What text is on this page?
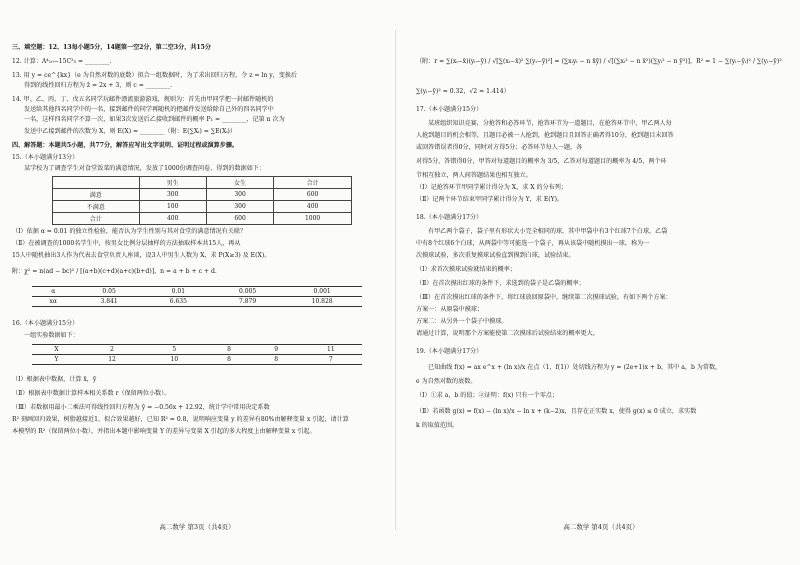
三、填空题：12、13每小题5分，14题第一空2分，第二空3分，共15分
12. 计算：A⁴₁₀−15C²₅ = ________.
13. 用 y = ce^{kx}（e 为自然对数的底数）拟合一组数据时，为了求出回归方程，令 z = ln y，变换后
得到的线性回归方程为 ẑ = 2x + 3，则 c = ________.
14. 甲、乙、丙、丁、戊五名同学玩邮件漂流旅游游戏，规则为：首先由甲同学把一封邮件随机的
发送给其他四名同学中的一名，接到邮件的同学再随机的把邮件发送给除自己外的四名同学中
一名，这样四名同学不算一次，如果3次发送后乙接收到邮件的概率 P₁ = ________，记第 n 次为
发送中乙接到邮件的次数为 X，则 E(X) = ________（附：E(∑Xᵢ) = ∑E(Xᵢ)）
四、解答题：本题共5小题，共77分，解答应写出文字说明、证明过程或演算步骤。
15.（本小题满分13分）
某学校为了调查学生对食堂饭菜的满意情况，发放了1000份调查问卷，得到的数据如下：
	男生	女生	合计
满意	300	300	600
不满意	100	300	400
合计	400	600	1000
（Ⅰ）依据 α = 0.01 的独立性检验，能否认为学生性别与其对食堂的满意情况有关联？
（Ⅱ）在被调查的1000名学生中，按男女比例分层抽样的方法抽取样本共15人，再从
15人中随机抽出3人作为代表去食堂负责人座谈，设3人中男生人数为 X，求 P(X≥3) 及 E(X)。
附：χ² = n(ad − bc)² / [(a+b)(c+d)(a+c)(b+d)]，n = a + b + c + d.
α	0.05	0.01	0.005	0.001
xα	3.841	6.635	7.879	10.828
16.（本小题满分15分）
一组实验数据如下：
X	2	5	8	9	11
Y	12	10	8	8	7
（Ⅰ）根据表中数据，计算 x̄，ȳ
（Ⅱ）根据表中数据计算样本相关系数 r（保留两位小数）。
（Ⅲ）若数据用最小二乘法可得线性回归方程为 ŷ = −0.56x + 12.92，统计学中常用决定系数
R² 刻画回归效果，树脂越接近1，拟合效果越好，已知 R² = 0.8，说明响应变量 y 的差异有80%由解释变量 x 引起，请计算
本模型的 R²（保留两位小数），并指出本题中影响变量 Y 的差异与变量 X 引起的多大程度上由解释变量 x 引起。
高二数学 第3页（共4页）
（附：r = ∑(xᵢ−x̄)(yᵢ−ȳ) / √[∑(xᵢ−x̄)² ∑(yᵢ−ȳ)²] = (∑xᵢyᵢ − n x̄ȳ) / √[(∑xᵢ² − n x̄²)(∑yᵢ² − n ȳ²)]，R² = 1 − ∑(yᵢ−ŷᵢ)² / ∑(yᵢ−ȳ)²
∑(yᵢ−ȳ)² = 0.32，√2 ≈ 1.414）
17.（本小题满分15分）
某班组织知识竞赛，分抢答和必答环节，抢答环节为一道题目，在抢答环节中，甲乙两人每
人抢到题目的机会相等，且题目必被一人抢到，抢到题目且回答正确者得10分，抢到题目未回答
或回答错误者得0分，同时对方得5分；必答环节每人一题，各
对得5分，答错得0分，甲答对每道题目的概率为 3/5，乙答对每道题目的概率为 4/5，两个环
节相互独立，两人间答题结果也相互独立。
（Ⅰ）记抢答环节甲同学累计得分为 X，求 X 的分布列；
（Ⅱ）记两个环节结束甲同学累计得分为 Y，求 E(Y)。
18.（本小题满分17分）
有甲乙两个袋子，袋子里有形状大小完全相同的球，其中甲袋中有3个红球7个白球，乙袋
中有8个红球6个白球，从两袋中等可能选一个袋子，再从该袋中随机摸出一球，称为一
次摸球试验，多次重复摸球试验直到摸到白球，试验结束。
（Ⅰ）求首次摸球试验就结束的概率；
（Ⅱ）在首次摸出红球的条件下，求选到的袋子是乙袋的概率；
（Ⅲ）在首次摸出红球的条件下，将红球放回原袋中，继续第二次摸球试验，有如下两个方案：
方案一：从原袋中摸球；
方案二：从另外一个袋子中摸球。
请通过计算，说明那个方案能使第二次摸球后试验结束的概率更大。
19.（本小题满分17分）
已知曲线 f(x) = ax e^x + (ln x)/x 在点（1，f(1)）处切线方程为 y = (2e+1)x + b，其中 a，b 为常数，
e 为自然对数的底数。
（Ⅰ）①求 a，b 的值；②证明：f(x) 只有一个零点；
（Ⅱ）若函数 g(x) = f(x) − (ln x)/x − ln x + (k−2)x，且存在正实数 x，使得 g(x) ≤ 0 成立，求实数
k 的取值范围。
高二数学 第4页（共4页）
